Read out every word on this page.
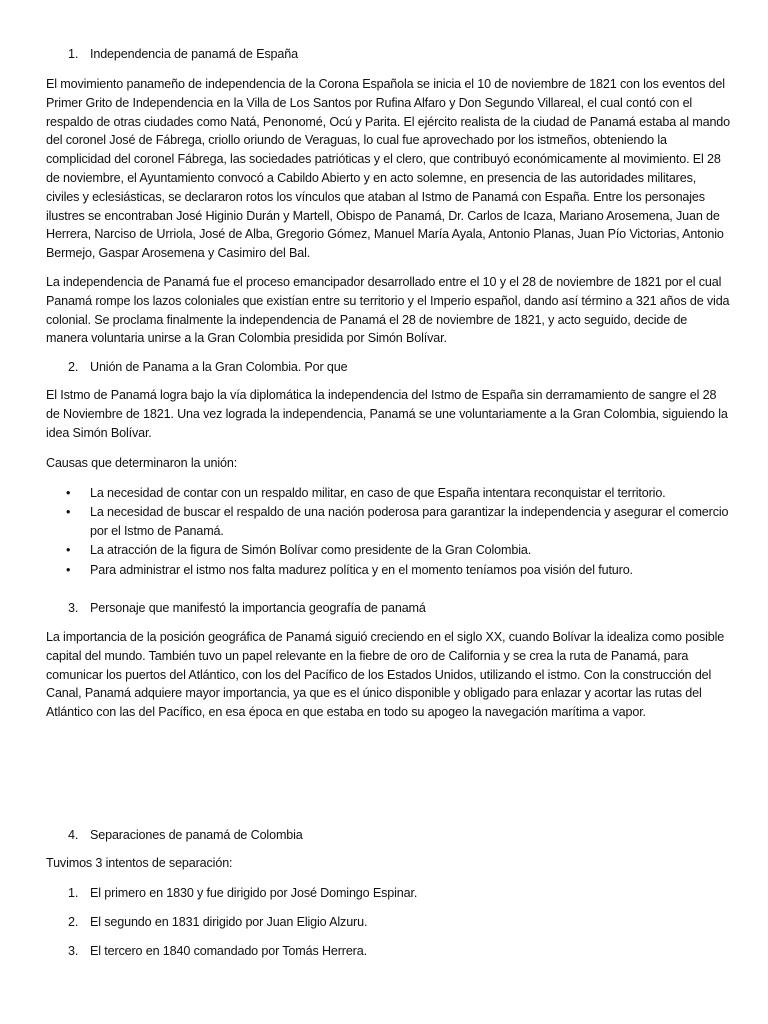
1. Independencia de panamá de España

El movimiento panameño de independencia de la Corona Española se inicia el 10 de noviembre de 1821 con los eventos del Primer Grito de Independencia en la Villa de Los Santos por Rufina Alfaro y Don Segundo Villareal, el cual contó con el respaldo de otras ciudades como Natá, Penonomé, Ocú y Parita. El ejército realista de la ciudad de Panamá estaba al mando del coronel José de Fábrega, criollo oriundo de Veraguas, lo cual fue aprovechado por los istmeños, obteniendo la complicidad del coronel Fábrega, las sociedades patrióticas y el clero, que contribuyó económicamente al movimiento. El 28 de noviembre, el Ayuntamiento convocó a Cabildo Abierto y en acto solemne, en presencia de las autoridades militares, civiles y eclesiásticas, se declararon rotos los vínculos que ataban al Istmo de Panamá con España. Entre los personajes ilustres se encontraban José Higinio Durán y Martell, Obispo de Panamá, Dr. Carlos de Icaza, Mariano Arosemena, Juan de Herrera, Narciso de Urriola, José de Alba, Gregorio Gómez, Manuel María Ayala, Antonio Planas, Juan Pío Victorias, Antonio Bermejo, Gaspar Arosemena y Casimiro del Bal.

La independencia de Panamá fue el proceso emancipador desarrollado entre el 10 y el 28 de noviembre de 1821 por el cual Panamá rompe los lazos coloniales que existían entre su territorio y el Imperio español, dando así término a 321 años de vida colonial. Se proclama finalmente la independencia de Panamá el 28 de noviembre de 1821, y acto seguido, decide de manera voluntaria unirse a la Gran Colombia presidida por Simón Bolívar.

2. Unión de Panama a la Gran Colombia. Por que

El Istmo de Panamá logra bajo la vía diplomática la independencia del Istmo de España sin derramamiento de sangre el 28 de Noviembre de 1821. Una vez lograda la independencia, Panamá se une voluntariamente a la Gran Colombia, siguiendo la idea Simón Bolívar.

Causas que determinaron la unión:

• La necesidad de contar con un respaldo militar, en caso de que España intentara reconquistar el territorio.
• La necesidad de buscar el respaldo de una nación poderosa para garantizar la independencia y asegurar el comercio por el Istmo de Panamá.
• La atracción de la figura de Simón Bolívar como presidente de la Gran Colombia.
• Para administrar el istmo nos falta madurez política y en el momento teníamos poa visión del futuro.
3. Personaje que manifestó la importancia geografía de panamá

La importancia de la posición geográfica de Panamá siguió creciendo en el siglo XX, cuando Bolívar la idealiza como posible capital del mundo. También tuvo un papel relevante en la fiebre de oro de California y se crea la ruta de Panamá, para comunicar los puertos del Atlántico, con los del Pacífico de los Estados Unidos, utilizando el istmo. Con la construcción del Canal, Panamá adquiere mayor importancia, ya que es el único disponible y obligado para enlazar y acortar las rutas del Atlántico con las del Pacífico, en esa época en que estaba en todo su apogeo la navegación marítima a vapor.

4. Separaciones de panamá de Colombia

Tuvimos 3 intentos de separación:

1. El primero en 1830 y fue dirigido por José Domingo Espinar.
2. El segundo en 1831 dirigido por Juan Eligio Alzuru.
3. El tercero en 1840 comandado por Tomás Herrera.
